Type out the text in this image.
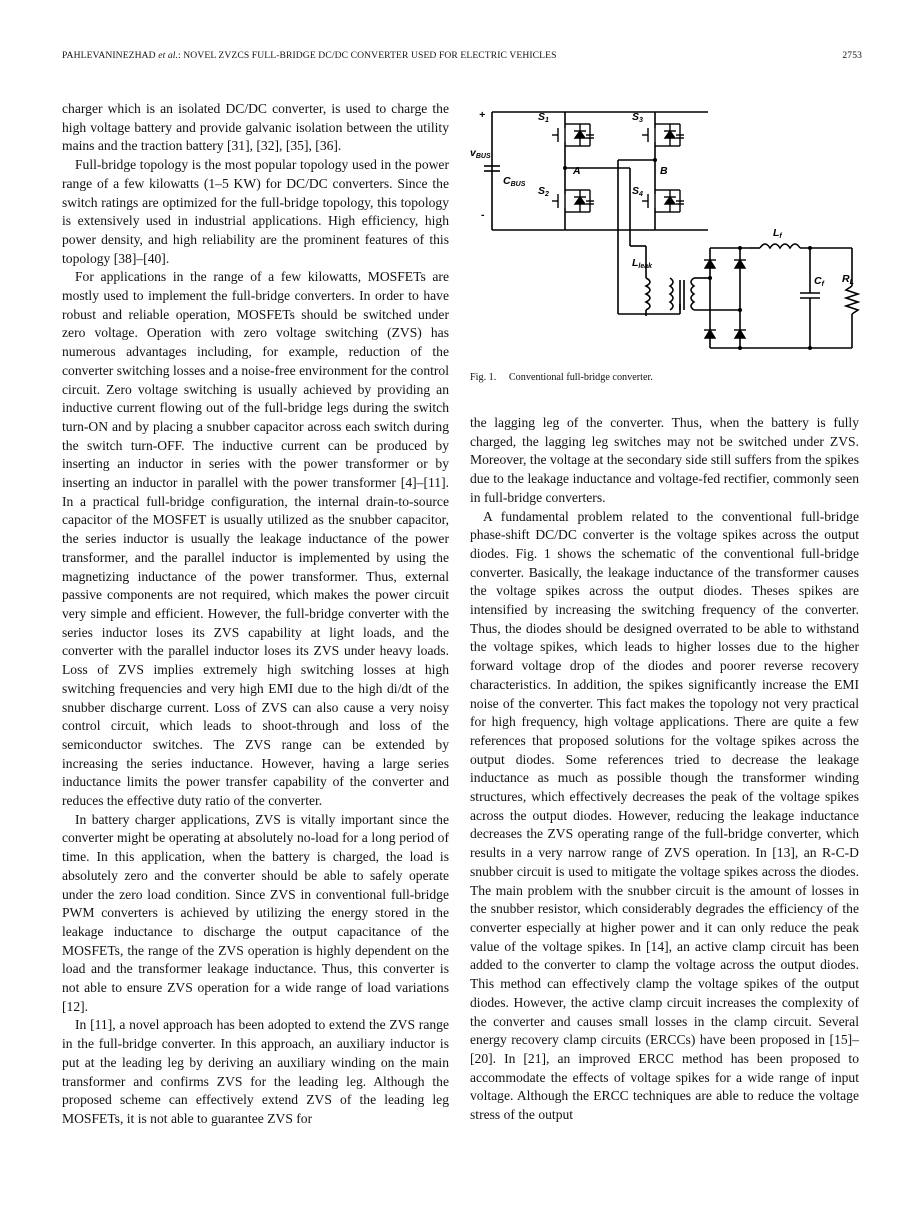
PAHLEVANINEZHAD et al.: NOVEL ZVZCS FULL-BRIDGE DC/DC CONVERTER USED FOR ELECTRIC VEHICLES	2753

charger which is an isolated DC/DC converter, is used to charge the high voltage battery and provide galvanic isolation between the utility mains and the traction battery [31], [32], [35], [36].

Full-bridge topology is the most popular topology used in the power range of a few kilowatts (1–5 KW) for DC/DC converters. Since the switch ratings are optimized for the full-bridge topology, this topology is extensively used in industrial applications. High efficiency, high power density, and high reliability are the prominent features of this topology [38]–[40].

For applications in the range of a few kilowatts, MOSFETs are mostly used to implement the full-bridge converters. In order to have robust and reliable operation, MOSFETs should be switched under zero voltage. Operation with zero voltage switching (ZVS) has numerous advantages including, for example, reduction of the converter switching losses and a noise-free environment for the control circuit. Zero voltage switching is usually achieved by providing an inductive current flowing out of the full-bridge legs during the switch turn-ON and by placing a snubber capacitor across each switch during the switch turn-OFF. The inductive current can be produced by inserting an inductor in series with the power transformer or by inserting an inductor in parallel with the power transformer [4]–[11]. In a practical full-bridge configuration, the internal drain-to-source capacitor of the MOSFET is usually utilized as the snubber capacitor, the series inductor is usually the leakage inductance of the power transformer, and the parallel inductor is implemented by using the magnetizing inductance of the power transformer. Thus, external passive components are not required, which makes the power circuit very simple and efficient. However, the full-bridge converter with the series inductor loses its ZVS capability at light loads, and the converter with the parallel inductor loses its ZVS under heavy loads. Loss of ZVS implies extremely high switching losses at high switching frequencies and very high EMI due to the high di/dt of the snubber discharge current. Loss of ZVS can also cause a very noisy control circuit, which leads to shoot-through and loss of the semiconductor switches. The ZVS range can be extended by increasing the series inductance. However, having a large series inductance limits the power transfer capability of the converter and reduces the effective duty ratio of the converter.

In battery charger applications, ZVS is vitally important since the converter might be operating at absolutely no-load for a long period of time. In this application, when the battery is charged, the load is absolutely zero and the converter should be able to safely operate under the zero load condition. Since ZVS in conventional full-bridge PWM converters is achieved by utilizing the energy stored in the leakage inductance to discharge the output capacitance of the MOSFETs, the range of the ZVS operation is highly dependent on the load and the transformer leakage inductance. Thus, this converter is not able to ensure ZVS operation for a wide range of load variations [12].

In [11], a novel approach has been adopted to extend the ZVS range in the full-bridge converter. In this approach, an auxiliary inductor is put at the leading leg by deriving an auxiliary winding on the main transformer and confirms ZVS for the leading leg. Although the proposed scheme can effectively extend ZVS of the leading leg MOSFETs, it is not able to guarantee ZVS for

+
-
vBUS
CBUS
S1
S2
S3
S4
A	B
Lleak
Lf
Cf RL
Fig. 1. Conventional full-bridge converter.

the lagging leg of the converter. Thus, when the battery is fully charged, the lagging leg switches may not be switched under ZVS. Moreover, the voltage at the secondary side still suffers from the spikes due to the leakage inductance and voltage-fed rectifier, commonly seen in full-bridge converters.

A fundamental problem related to the conventional full-bridge phase-shift DC/DC converter is the voltage spikes across the output diodes. Fig. 1 shows the schematic of the conventional full-bridge converter. Basically, the leakage inductance of the transformer causes the voltage spikes across the output diodes. Theses spikes are intensified by increasing the switching frequency of the converter. Thus, the diodes should be designed overrated to be able to withstand the voltage spikes, which leads to higher losses due to the higher forward voltage drop of the diodes and poorer reverse recovery characteristics. In addition, the spikes significantly increase the EMI noise of the converter. This fact makes the topology not very practical for high frequency, high voltage applications. There are quite a few references that proposed solutions for the voltage spikes across the output diodes. Some references tried to decrease the leakage inductance as much as possible though the transformer winding structures, which effectively decreases the peak of the voltage spikes across the output diodes. However, reducing the leakage inductance decreases the ZVS operating range of the full-bridge converter, which results in a very narrow range of ZVS operation. In [13], an R-C-D snubber circuit is used to mitigate the voltage spikes across the diodes. The main problem with the snubber circuit is the amount of losses in the snubber resistor, which considerably degrades the efficiency of the converter especially at higher power and it can only reduce the peak value of the voltage spikes. In [14], an active clamp circuit has been added to the converter to clamp the voltage across the output diodes. This method can effectively clamp the voltage spikes of the output diodes. However, the active clamp circuit increases the complexity of the converter and causes small losses in the clamp circuit. Several energy recovery clamp circuits (ERCCs) have been proposed in [15]–[20]. In [21], an improved ERCC method has been proposed to accommodate the effects of voltage spikes for a wide range of input voltage. Although the ERCC techniques are able to reduce the voltage stress of the output
